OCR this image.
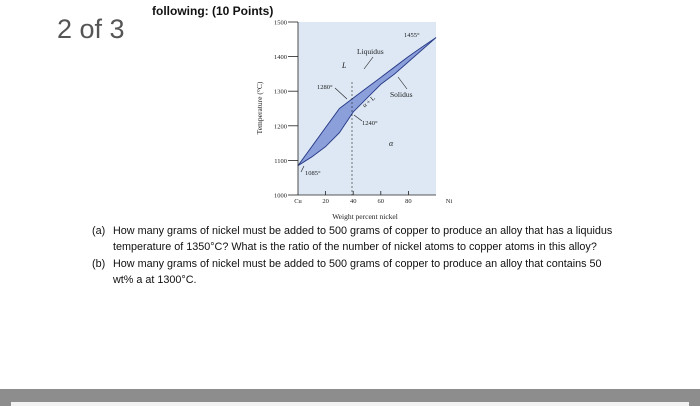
2 of 3
following: (10 Points)
1000
1100
1200
1300
1400
1500
Cu	20	40	60	80	Ni
Liquidus
Solidus
L
α
α + L
1455°
1280°
1240°
1085°
Temperature (°C)
Weight percent nickel
(a) How many grams of nickel must be added to 500 grams of copper to produce an alloy that has a liquidus temperature of 1350°C? What is the ratio of the number of nickel atoms to copper atoms in this alloy?
(b) How many grams of nickel must be added to 500 grams of copper to produce an alloy that contains 50 wt% a at 1300°C.
